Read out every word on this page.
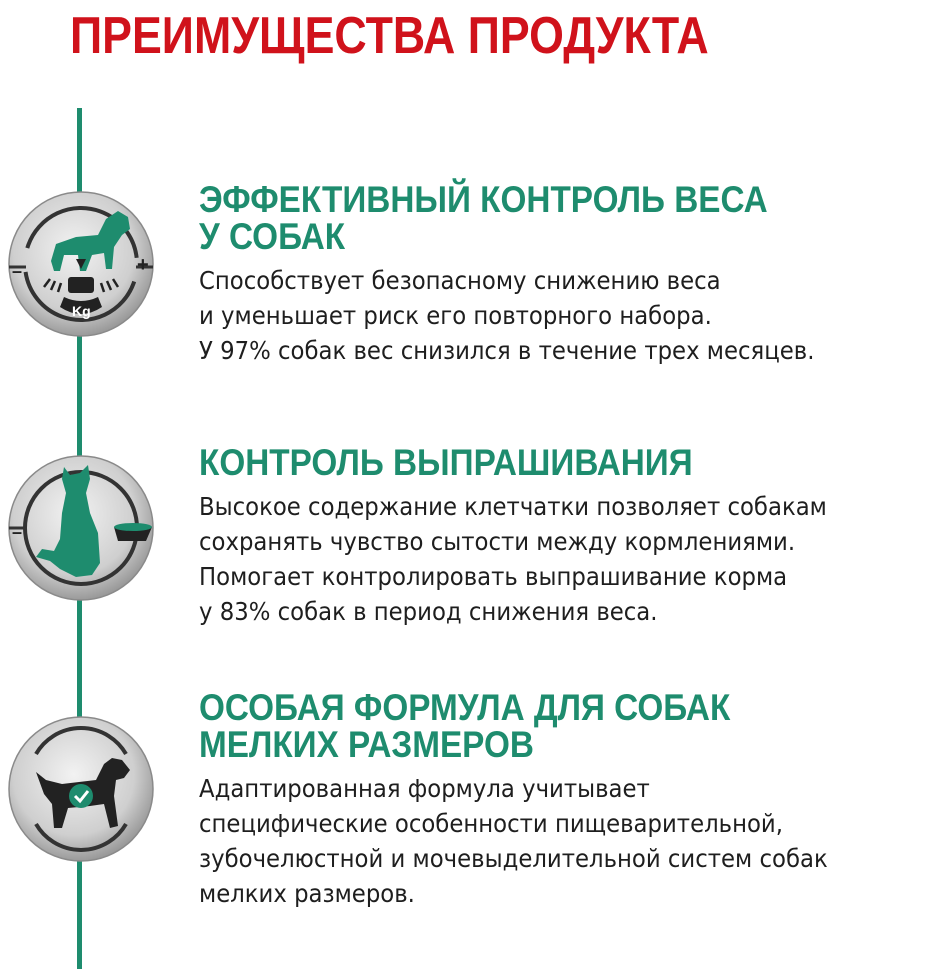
ПРЕИМУЩЕСТВА ПРОДУКТА
–	+
Kg
ЭФФЕКТИВНЫЙ КОНТРОЛЬ ВЕСА
У СОБАК
Способствует безопасному снижению веса
и уменьшает риск его повторного набора.
У 97% собак вес снизился в течение трех месяцев.
–
КОНТРОЛЬ ВЫПРАШИВАНИЯ
Высокое содержание клетчатки позволяет собакам
сохранять чувство сытости между кормлениями.
Помогает контролировать выпрашивание корма
у 83% собак в период снижения веса.
ОСОБАЯ ФОРМУЛА ДЛЯ СОБАК
МЕЛКИХ РАЗМЕРОВ
Адаптированная формула учитывает
специфические особенности пищеварительной,
зубочелюстной и мочевыделительной систем собак
мелких размеров.
